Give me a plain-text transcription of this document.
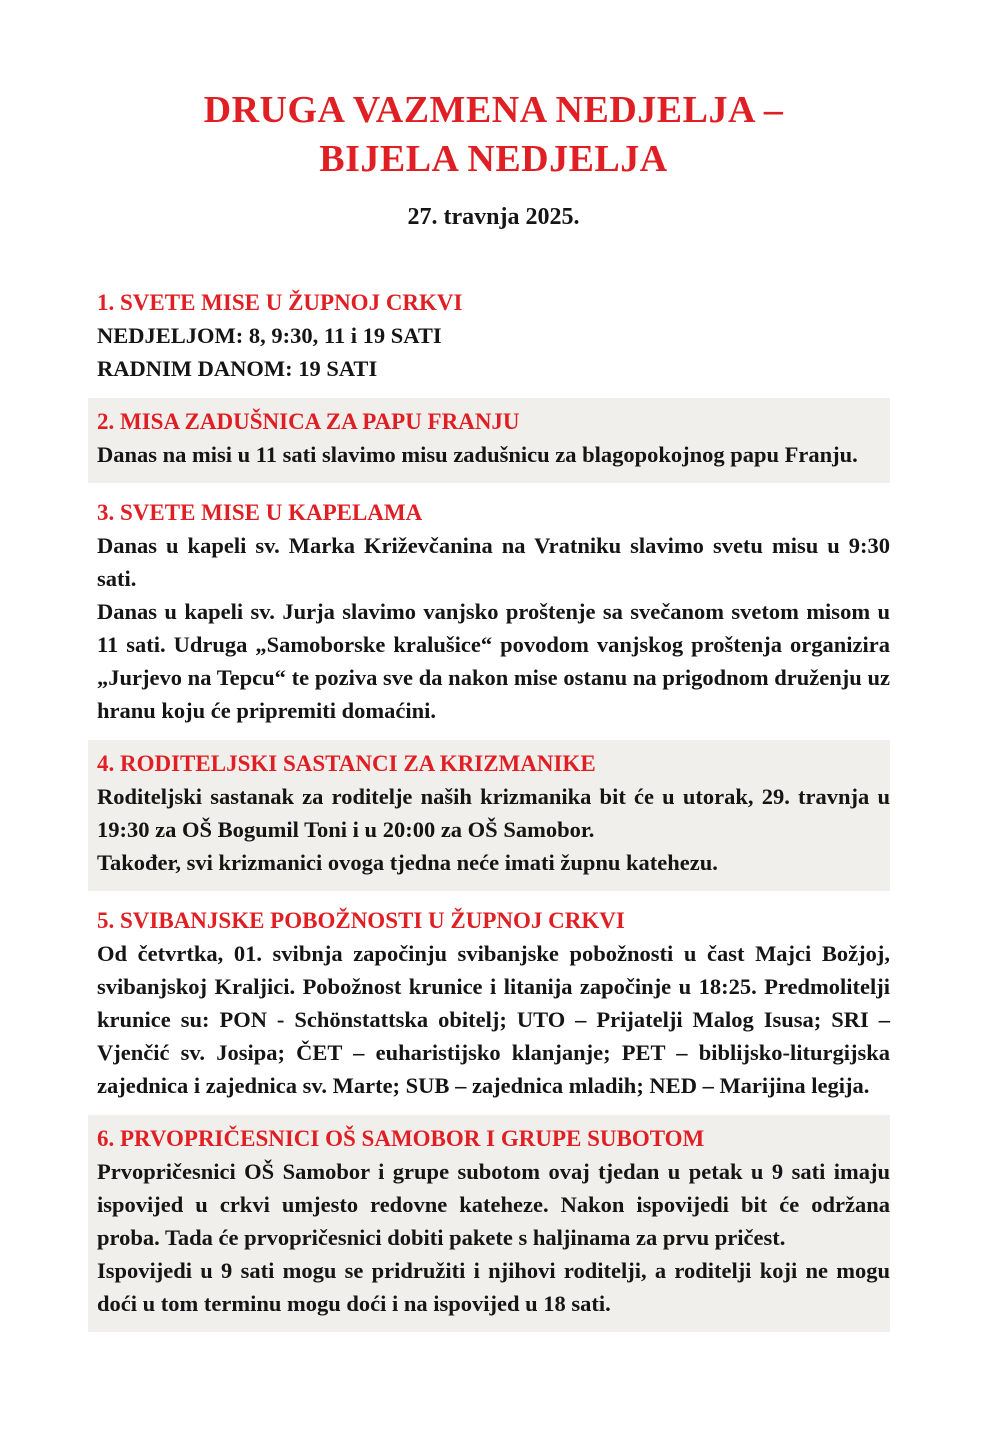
DRUGA VAZMENA NEDJELJA –
BIJELA NEDJELJA
27. travnja 2025.
1. SVETE MISE U ŽUPNOJ CRKVI

NEDJELJOM: 8, 9:30, 11 i 19 SATI

RADNIM DANOM: 19 SATI

2. MISA ZADUŠNICA ZA PAPU FRANJU

Danas na misi u 11 sati slavimo misu zadušnicu za blagopokojnog papu Franju.

3. SVETE MISE U KAPELAMA

Danas u kapeli sv. Marka Križevčanina na Vratniku slavimo svetu misu u 9:30 sati.

Danas u kapeli sv. Jurja slavimo vanjsko proštenje sa svečanom svetom misom u 11 sati. Udruga „Samoborske kralušice“ povodom vanjskog proštenja organizira „Jurjevo na Tepcu“ te poziva sve da nakon mise ostanu na prigodnom druženju uz hranu koju će pripremiti domaćini.

4. RODITELJSKI SASTANCI ZA KRIZMANIKE

Roditeljski sastanak za roditelje naših krizmanika bit će u utorak, 29. travnja u 19:30 za OŠ Bogumil Toni i u 20:00 za OŠ Samobor.

Također, svi krizmanici ovoga tjedna neće imati župnu katehezu.

5. SVIBANJSKE POBOŽNOSTI U ŽUPNOJ CRKVI

Od četvrtka, 01. svibnja započinju svibanjske pobožnosti u čast Majci Božjoj, svibanjskoj Kraljici. Pobožnost krunice i litanija započinje u 18:25. Predmolitelji krunice su: PON - Schönstattska obitelj; UTO – Prijatelji Malog Isusa; SRI – Vjenčić sv. Josipa; ČET – euharistijsko klanjanje; PET – biblijsko-liturgijska zajednica i zajednica sv. Marte; SUB – zajednica mladih; NED – Marijina legija.

6. PRVOPRIČESNICI OŠ SAMOBOR I GRUPE SUBOTOM

Prvopričesnici OŠ Samobor i grupe subotom ovaj tjedan u petak u 9 sati imaju ispovijed u crkvi umjesto redovne kateheze. Nakon ispovijedi bit će održana proba. Tada će prvopričesnici dobiti pakete s haljinama za prvu pričest.

Ispovijedi u 9 sati mogu se pridružiti i njihovi roditelji, a roditelji koji ne mogu doći u tom terminu mogu doći i na ispovijed u 18 sati.
